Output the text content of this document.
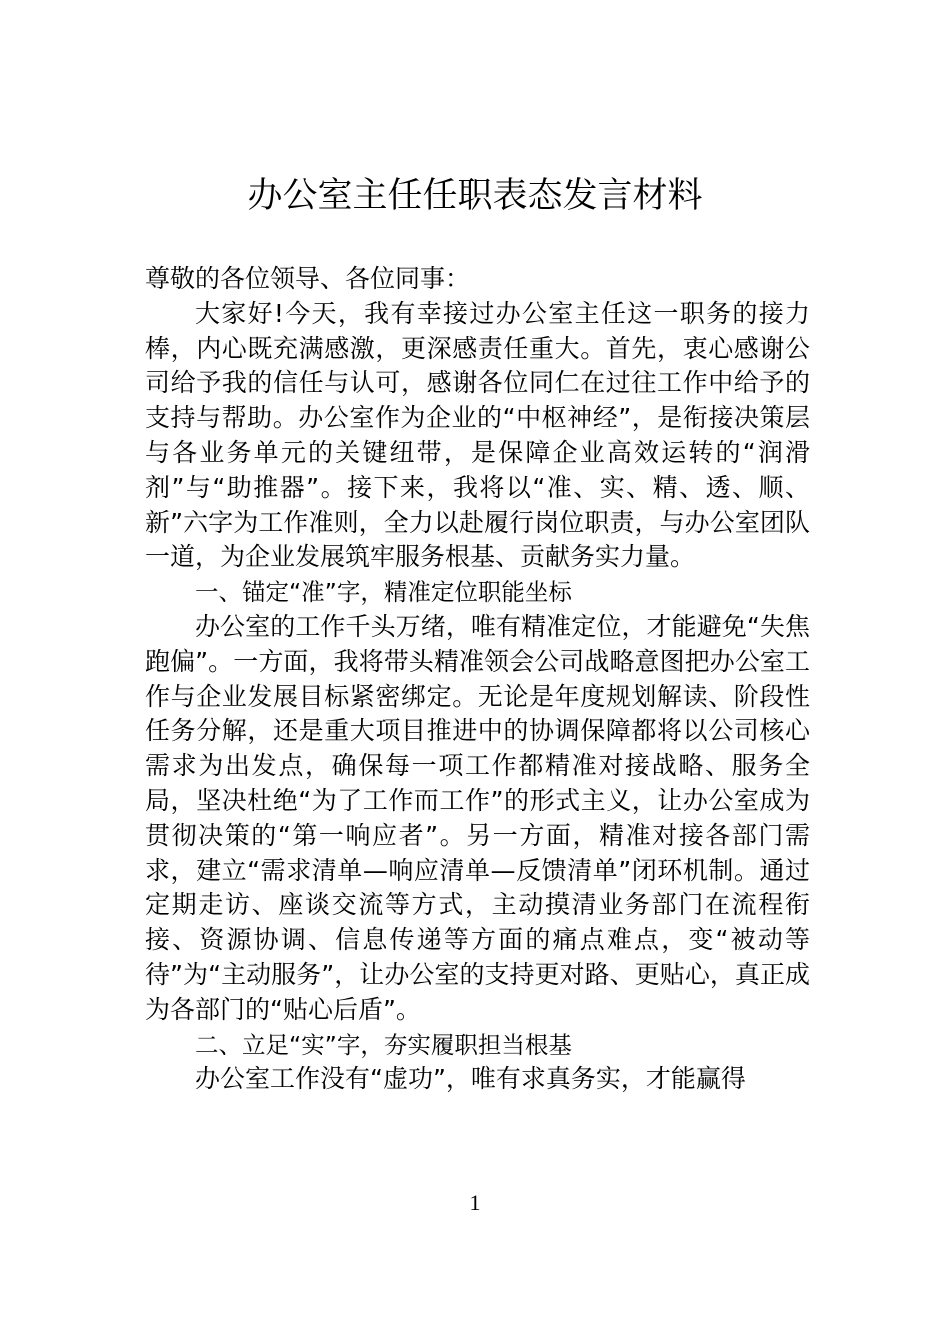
办公室主任任职表态发言材料

尊敬的各位领导、各位同事：

大家好!今天，我有幸接过办公室主任这一职务的接力棒，内心既充满感激，更深感责任重大。首先，衷心感谢公司给予我的信任与认可，感谢各位同仁在过往工作中给予的支持与帮助。办公室作为企业的“中枢神经”，是衔接决策层与各业务单元的关键纽带，是保障企业高效运转的“润滑剂”与“助推器”。接下来，我将以“准、实、精、透、顺、新”六字为工作准则，全力以赴履行岗位职责，与办公室团队一道，为企业发展筑牢服务根基、贡献务实力量。

一、锚定“准”字，精准定位职能坐标

办公室的工作千头万绪，唯有精准定位，才能避免“失焦跑偏”。一方面，我将带头精准领会公司战略意图把办公室工作与企业发展目标紧密绑定。无论是年度规划解读、阶段性任务分解，还是重大项目推进中的协调保障都将以公司核心需求为出发点，确保每一项工作都精准对接战略、服务全局，坚决杜绝“为了工作而工作”的形式主义，让办公室成为贯彻决策的“第一响应者”。另一方面，精准对接各部门需求，建立“需求清单—响应清单—反馈清单”闭环机制。通过定期走访、座谈交流等方式，主动摸清业务部门在流程衔接、资源协调、信息传递等方面的痛点难点，变“被动等待”为“主动服务”，让办公室的支持更对路、更贴心，真正成为各部门的“贴心后盾”。

二、立足“实”字，夯实履职担当根基

办公室工作没有“虚功”，唯有求真务实，才能赢得

1
